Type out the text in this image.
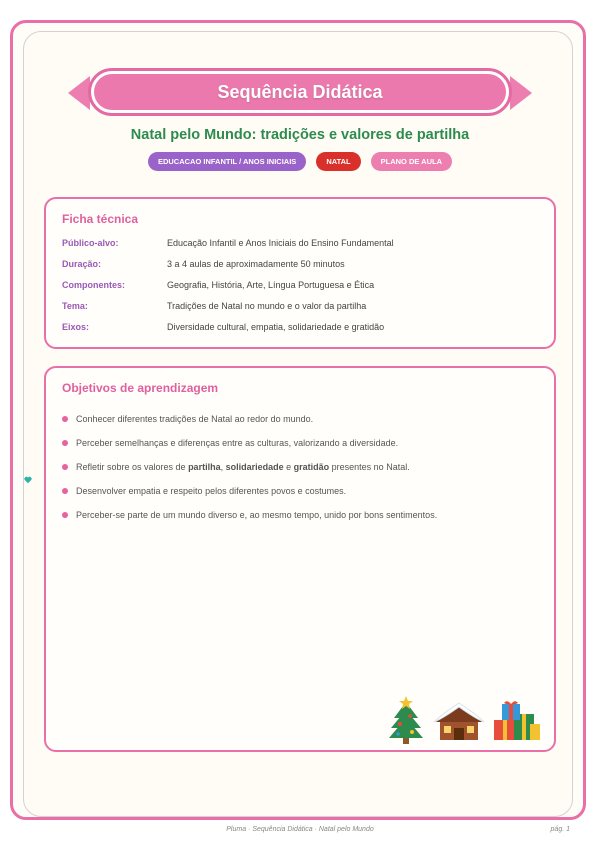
Sequência Didática
Natal pelo Mundo: tradições e valores de partilha
EDUCACAO INFANTIL / ANOS INICIAIS	NATAL	PLANO DE AULA
Ficha técnica
Público-alvo:	Educação Infantil e Anos Iniciais do Ensino Fundamental
Duração:	3 a 4 aulas de aproximadamente 50 minutos
Componentes:	Geografia, História, Arte, Língua Portuguesa e Ética
Tema:	Tradições de Natal no mundo e o valor da partilha
Eixos:	Diversidade cultural, empatia, solidariedade e gratidão
Objetivos de aprendizagem
Conhecer diferentes tradições de Natal ao redor do mundo.
Perceber semelhanças e diferenças entre as culturas, valorizando a diversidade.
Refletir sobre os valores de partilha, solidariedade e gratidão presentes no Natal.
Desenvolver empatia e respeito pelos diferentes povos e costumes.
Perceber-se parte de um mundo diverso e, ao mesmo tempo, unido por bons sentimentos.
Pluma · Sequência Didática · Natal pelo Mundo	pág. 1
